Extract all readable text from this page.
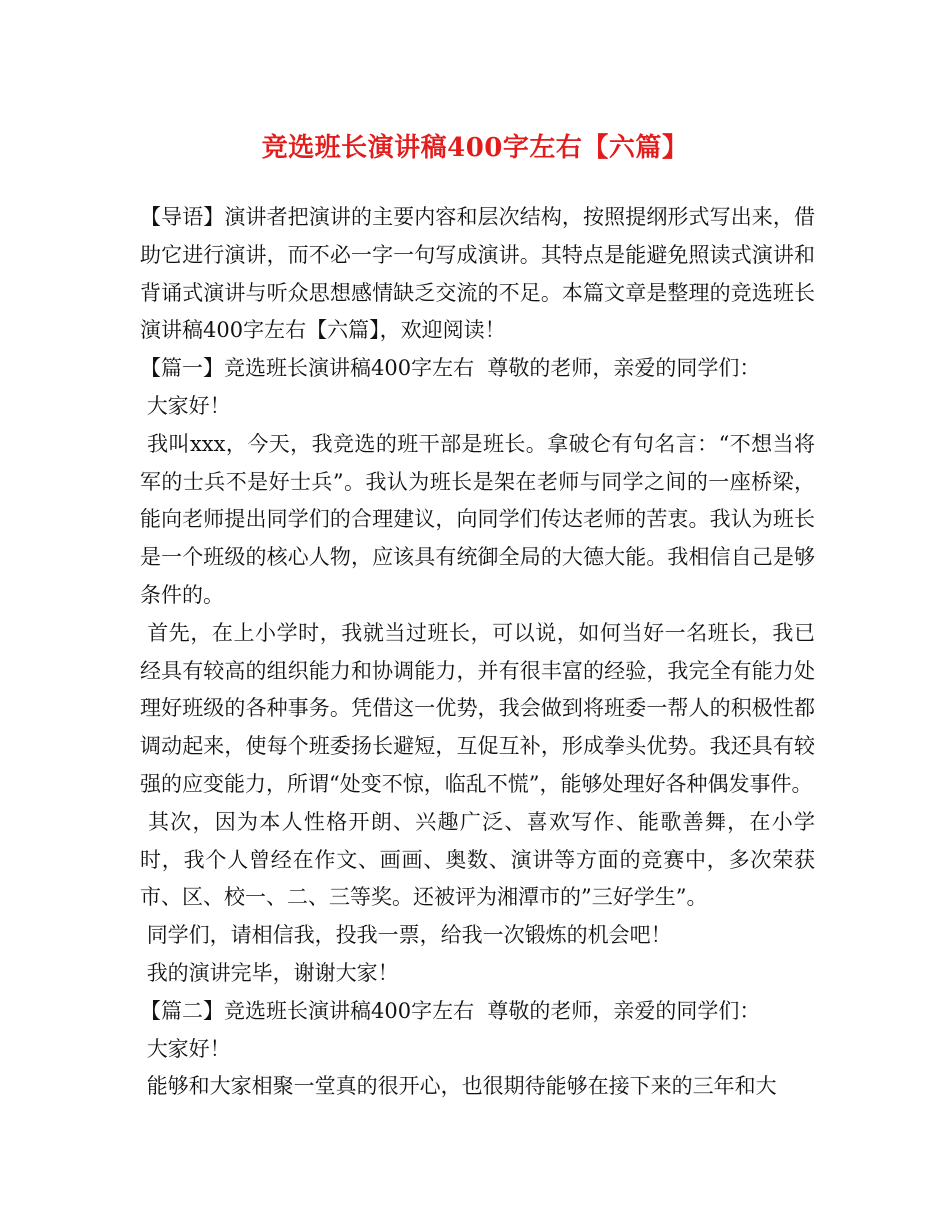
竞选班长演讲稿400字左右【六篇】

【导语】演讲者把演讲的主要内容和层次结构，按照提纲形式写出来，借助它进行演讲，而不必一字一句写成演讲。其特点是能避免照读式演讲和背诵式演讲与听众思想感情缺乏交流的不足。本篇文章是整理的竞选班长演讲稿400字左右【六篇】，欢迎阅读！

【篇一】竞选班长演讲稿400字左右  尊敬的老师，亲爱的同学们：

大家好！

我叫xxx，今天，我竞选的班干部是班长。拿破仑有句名言：“不想当将军的士兵不是好士兵”。我认为班长是架在老师与同学之间的一座桥梁，能向老师提出同学们的合理建议，向同学们传达老师的苦衷。我认为班长是一个班级的核心人物，应该具有统御全局的大德大能。我相信自己是够条件的。

首先，在上小学时，我就当过班长，可以说，如何当好一名班长，我已经具有较高的组织能力和协调能力，并有很丰富的经验，我完全有能力处理好班级的各种事务。凭借这一优势，我会做到将班委一帮人的积极性都调动起来，使每个班委扬长避短，互促互补，形成拳头优势。我还具有较强的应变能力，所谓“处变不惊，临乱不慌”，能够处理好各种偶发事件。

其次，因为本人性格开朗、兴趣广泛、喜欢写作、能歌善舞，在小学时，我个人曾经在作文、画画、奥数、演讲等方面的竞赛中，多次荣获市、区、校一、二、三等奖。还被评为湘潭市的”三好学生”。

同学们，请相信我，投我一票，给我一次锻炼的机会吧！

我的演讲完毕，谢谢大家！

【篇二】竞选班长演讲稿400字左右  尊敬的老师，亲爱的同学们：

大家好！

能够和大家相聚一堂真的很开心，也很期待能够在接下来的三年和大
